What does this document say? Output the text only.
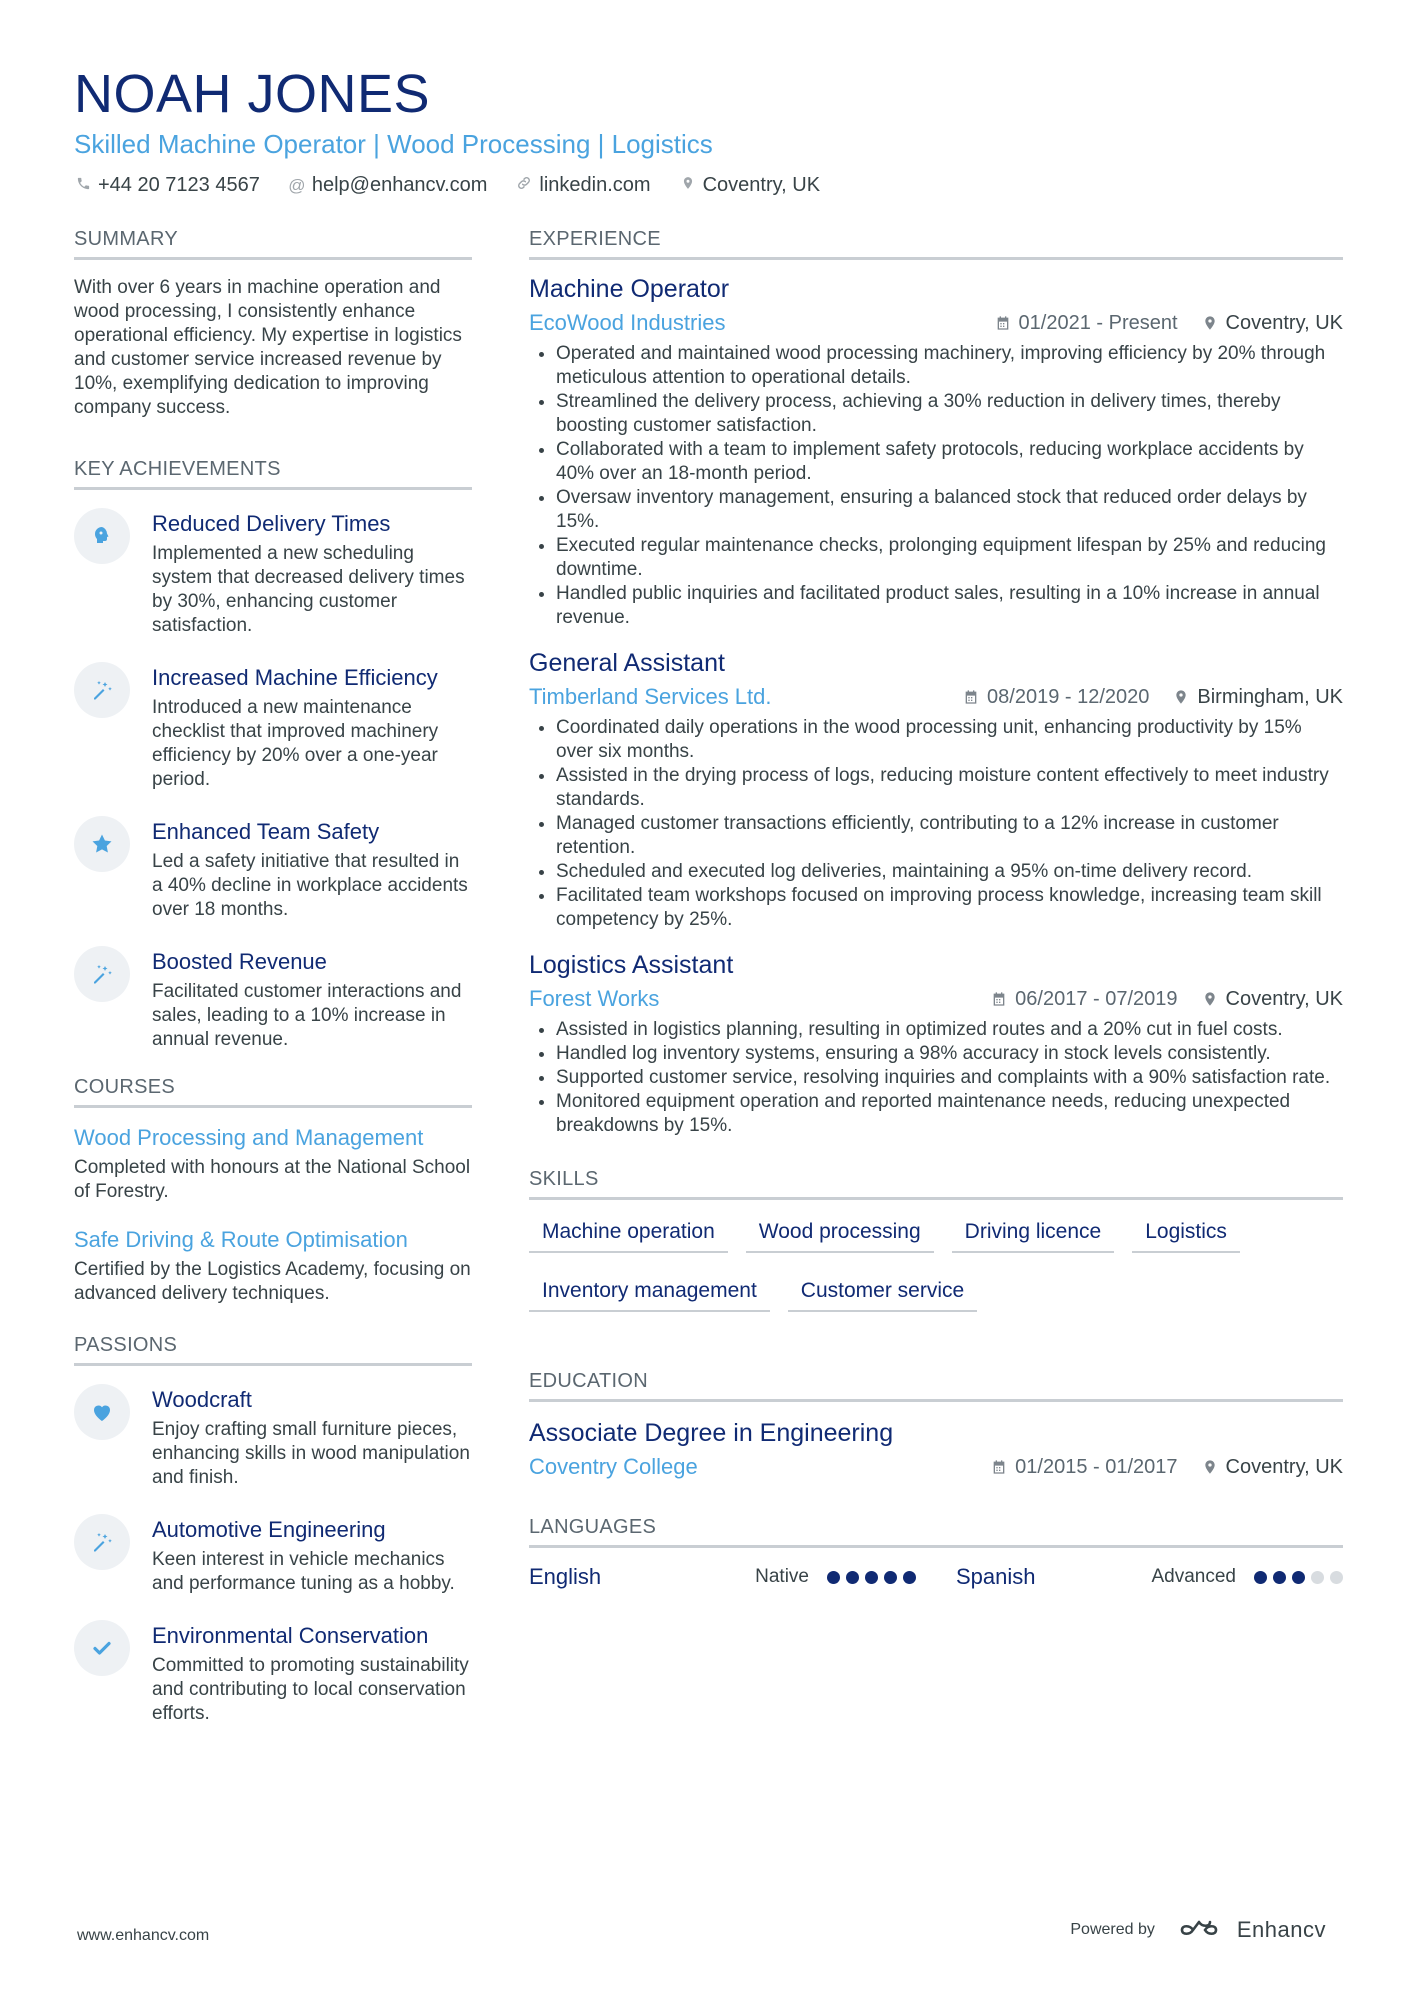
NOAH JONES
Skilled Machine Operator | Wood Processing | Logistics
+44 20 7123 4567 @ help@enhancv.com	linkedin.com	Coventry, UK
SUMMARY
With over 6 years in machine operation and wood processing, I consistently enhance operational efficiency. My expertise in logistics and customer service increased revenue by 10%, exemplifying dedication to improving company success.
KEY ACHIEVEMENTS
Reduced Delivery Times
Implemented a new scheduling system that decreased delivery times by 30%, enhancing customer satisfaction.
Increased Machine Efficiency
Introduced a new maintenance checklist that improved machinery efficiency by 20% over a one-year period.
Enhanced Team Safety
Led a safety initiative that resulted in a 40% decline in workplace accidents over 18 months.
Boosted Revenue
Facilitated customer interactions and sales, leading to a 10% increase in annual revenue.
COURSES
Wood Processing and Management
Completed with honours at the National School of Forestry.
Safe Driving & Route Optimisation
Certified by the Logistics Academy, focusing on advanced delivery techniques.
PASSIONS
Woodcraft
Enjoy crafting small furniture pieces, enhancing skills in wood manipulation and finish.
Automotive Engineering
Keen interest in vehicle mechanics and performance tuning as a hobby.
Environmental Conservation
Committed to promoting sustainability and contributing to local conservation efforts.
EXPERIENCE
Machine Operator
EcoWood Industries	01/2021 - Present Coventry, UK
• Operated and maintained wood processing machinery, improving efficiency by 20% through meticulous attention to operational details.
• Streamlined the delivery process, achieving a 30% reduction in delivery times, thereby boosting customer satisfaction.
• Collaborated with a team to implement safety protocols, reducing workplace accidents by 40% over an 18-month period.
• Oversaw inventory management, ensuring a balanced stock that reduced order delays by 15%.
• Executed regular maintenance checks, prolonging equipment lifespan by 25% and reducing downtime.
• Handled public inquiries and facilitated product sales, resulting in a 10% increase in annual revenue.
General Assistant
Timberland Services Ltd.	08/2019 - 12/2020 Birmingham, UK
• Coordinated daily operations in the wood processing unit, enhancing productivity by 15% over six months.
• Assisted in the drying process of logs, reducing moisture content effectively to meet industry standards.
• Managed customer transactions efficiently, contributing to a 12% increase in customer retention.
• Scheduled and executed log deliveries, maintaining a 95% on-time delivery record.
• Facilitated team workshops focused on improving process knowledge, increasing team skill competency by 25%.
Logistics Assistant
Forest Works	06/2017 - 07/2019 Coventry, UK
• Assisted in logistics planning, resulting in optimized routes and a 20% cut in fuel costs.
• Handled log inventory systems, ensuring a 98% accuracy in stock levels consistently.
• Supported customer service, resolving inquiries and complaints with a 90% satisfaction rate.
• Monitored equipment operation and reported maintenance needs, reducing unexpected breakdowns by 15%.
SKILLS
Machine operation	Wood processing	Driving licence	Logistics
Inventory management	Customer service
EDUCATION
Associate Degree in Engineering
Coventry College	01/2015 - 01/2017 Coventry, UK
LANGUAGES
English	Native	Spanish	Advanced
www.enhancv.com	Powered by	Enhancv
